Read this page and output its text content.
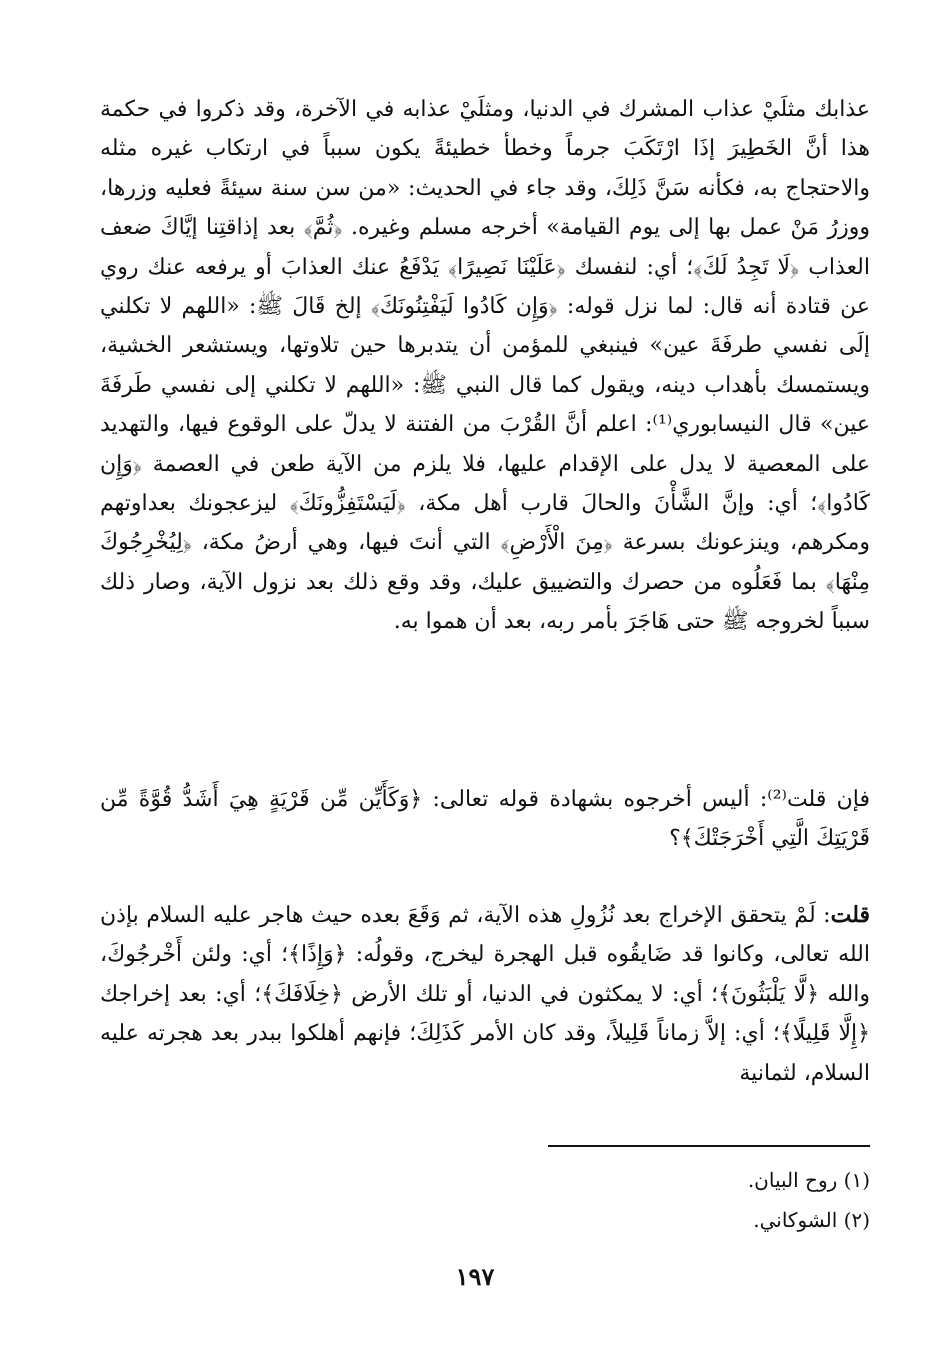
عذابك مثلَيْ عذاب المشرك في الدنيا، ومثلَيْ عذابه في الآخرة، وقد ذكروا في حكمة هذا أنَّ الخَطِيرَ إذَا ارْتَكَبَ جرماً وخطأ خطيئةً يكون سبباً في ارتكاب غيره مثله والاحتجاج به، فكأنه سَنَّ ذَلِكَ، وقد جاء في الحديث: «من سن سنة سيئةً فعليه وزرها، ووزرُ مَنْ عمل بها إلى يوم القيامة» أخرجه مسلم وغيره. ﴿ثُمَّ﴾ بعد إذاقتِنا إيَّاكَ ضعف العذاب ﴿لَا تَجِدُ لَكَ﴾؛ أي: لنفسك ﴿عَلَيْنَا نَصِيرًا﴾ يَدْفَعُ عنك العذابَ أو يرفعه عنك روي عن قتادة أنه قال: لما نزل قوله: ﴿وَإِن كَادُوا لَيَفْتِنُونَكَ﴾ إلخ قَالَ ﷺ: «اللهم لا تكلني إلَى نفسي طرفَةَ عين» فينبغي للمؤمن أن يتدبرها حين تلاوتها، ويستشعر الخشية، ويستمسك بأهداب دينه، ويقول كما قال النبي ﷺ: «اللهم لا تكلني إلى نفسي طَرفَةَ عين» قال النيسابوري⁽¹⁾: اعلم أنَّ القُرْبَ من الفتنة لا يدلّ على الوقوع فيها، والتهديد على المعصية لا يدل على الإقدام عليها، فلا يلزم من الآية طعن في العصمة ﴿وَإِن كَادُوا﴾؛ أي: وإنَّ الشَّأْنَ والحالَ قارب أهل مكة، ﴿لَيَسْتَفِزُّونَكَ﴾ ليزعجونك بعداوتهم ومكرهم، وينزعونك بسرعة ﴿مِنَ الْأَرْضِ﴾ التي أنتَ فيها، وهي أرضُ مكة، ﴿لِيُخْرِجُوكَ مِنْهَا﴾ بما فَعَلُوه من حصرك والتضييق عليك، وقد وقع ذلك بعد نزول الآية، وصار ذلك سبباً لخروجه ﷺ حتى هَاجَرَ بأمر ربه، بعد أن هموا به.

فإن قلت⁽²⁾: أليس أخرجوه بشهادة قوله تعالى: ﴿وَكَأَيِّن مِّن قَرْيَةٍ هِيَ أَشَدُّ قُوَّةً مِّن قَرْيَتِكَ الَّتِي أَخْرَجَتْكَ﴾؟

قلت: لَمْ يتحقق الإخراج بعد نُزُولِ هذه الآية، ثم وَقَعَ بعده حيث هاجر عليه السلام بإذن الله تعالى، وكانوا قد ضَايقُوه قبل الهجرة ليخرج، وقولُه: ﴿وَإِذًا﴾؛ أي: ولئن أَخْرجُوكَ، والله ﴿لَّا يَلْبَثُونَ﴾؛ أي: لا يمكثون في الدنيا، أو تلك الأرض ﴿خِلَافَكَ﴾؛ أي: بعد إخراجك ﴿إِلَّا قَلِيلًا﴾؛ أي: إلاَّ زماناً قَلِيلاً، وقد كان الأمر كَذَلِكَ؛ فإنهم أهلكوا ببدر بعد هجرته عليه السلام، لثمانية

(١) روح البيان.
(٢) الشوكاني.
١٩٧
